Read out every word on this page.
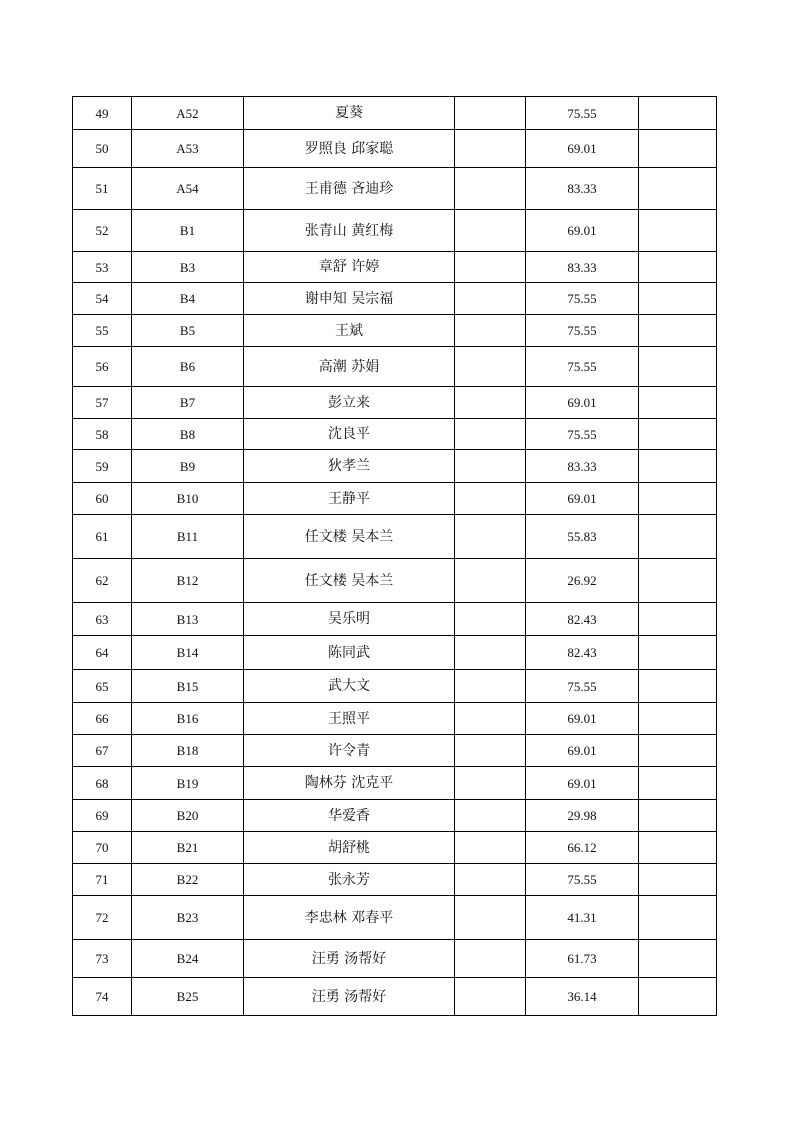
49	A52	夏葵		75.55	
50	A53	罗照良 邱家聪		69.01	
51	A54	王甫德 吝迪珍		83.33	
52	B1	张青山 黄红梅		69.01	
53	B3	章舒 许婷		83.33	
54	B4	谢申知 吴宗福		75.55	
55	B5	王斌		75.55	
56	B6	高潮 苏娟		75.55	
57	B7	彭立来		69.01	
58	B8	沈良平		75.55	
59	B9	狄孝兰		83.33	
60	B10	王静平		69.01	
61	B11	任文楼 吴本兰		55.83	
62	B12	任文楼 吴本兰		26.92	
63	B13	吴乐明		82.43	
64	B14	陈同武		82.43	
65	B15	武大文		75.55	
66	B16	王照平		69.01	
67	B18	许令青		69.01	
68	B19	陶林芬 沈克平		69.01	
69	B20	华爱香		29.98	
70	B21	胡舒桃		66.12	
71	B22	张永芳		75.55	
72	B23	李忠林 邓春平		41.31	
73	B24	汪勇 汤帮好		61.73	
74	B25	汪勇 汤帮好		36.14	
